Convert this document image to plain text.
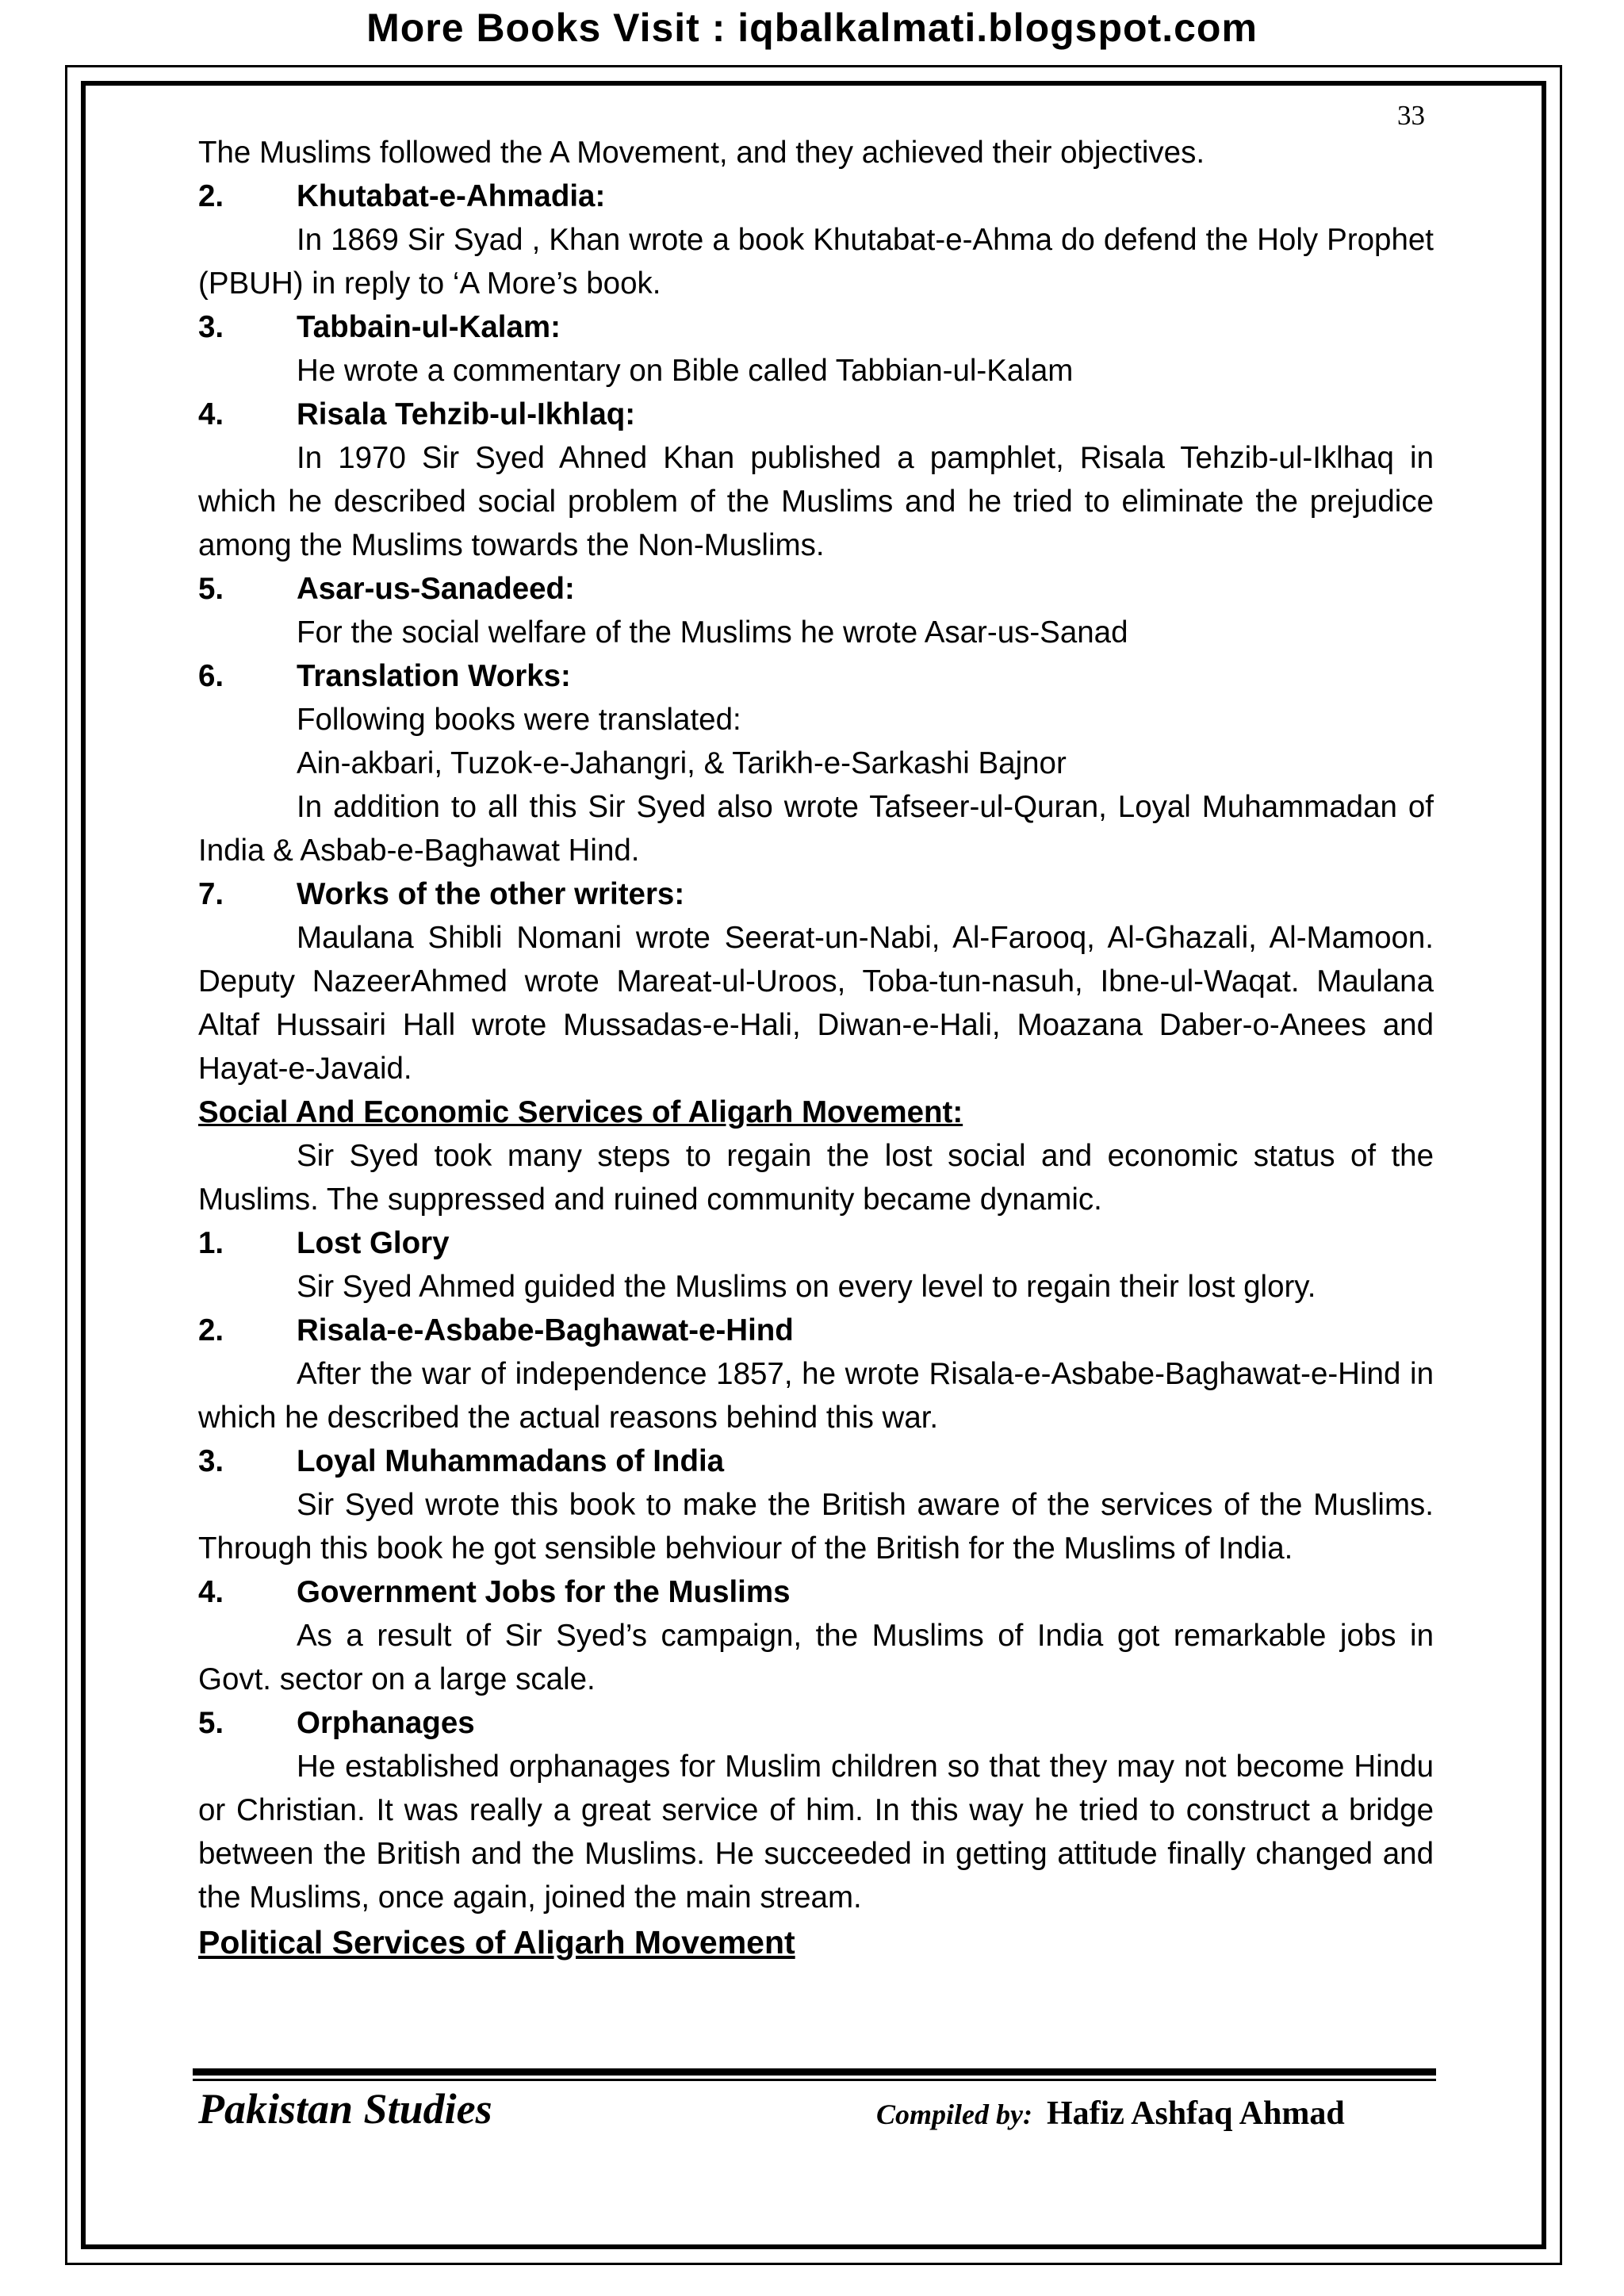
More Books Visit : iqbalkalmati.blogspot.com
33

The Muslims followed the A Movement, and they achieved their objectives.

2.	Khutabat-e-Ahmadia:

In 1869 Sir Syad , Khan wrote a book Khutabat-e-Ahma do defend the Holy Prophet (PBUH) in reply to ‘A More’s book.

3.	Tabbain-ul-Kalam:

He wrote a commentary on Bible called Tabbian-ul-Kalam

4.	Risala Tehzib-ul-Ikhlaq:

In 1970 Sir Syed Ahned Khan published a pamphlet, Risala Tehzib-ul-Iklhaq in which he described social problem of the Muslims and he tried to eliminate the prejudice among the Muslims towards the Non-Muslims.

5.	Asar-us-Sanadeed:

For the social welfare of the Muslims he wrote Asar-us-Sanad

6.	Translation Works:

Following books were translated:

Ain-akbari, Tuzok-e-Jahangri, & Tarikh-e-Sarkashi Bajnor

In addition to all this Sir Syed also wrote Tafseer-ul-Quran, Loyal Muhammadan of India & Asbab-e-Baghawat Hind.

7.	Works of the other writers:

Maulana Shibli Nomani wrote Seerat-un-Nabi, Al-Farooq, Al-Ghazali, Al-Mamoon. Deputy NazeerAhmed wrote Mareat-ul-Uroos, Toba-tun-nasuh, Ibne-ul-Waqat. Maulana Altaf Hussairi Hall wrote Mussadas-e-Hali, Diwan-e-Hali, Moazana Daber-o-Anees and Hayat-e-Javaid.

Social And Economic Services of Aligarh Movement:

Sir Syed took many steps to regain the lost social and economic status of the Muslims. The suppressed and ruined community became dynamic.

1.	Lost Glory

Sir Syed Ahmed guided the Muslims on every level to regain their lost glory.

2.	Risala-e-Asbabe-Baghawat-e-Hind

After the war of independence 1857, he wrote Risala-e-Asbabe-Baghawat-e-Hind in which he described the actual reasons behind this war.

3.	Loyal Muhammadans of India

Sir Syed wrote this book to make the British aware of the services of the Muslims. Through this book he got sensible behviour of the British for the Muslims of India.

4.	Government Jobs for the Muslims

As a result of Sir Syed’s campaign, the Muslims of India got remarkable jobs in Govt. sector on a large scale.

5.	Orphanages

He established orphanages for Muslim children so that they may not become Hindu or Christian. It was really a great service of him. In this way he tried to construct a bridge between the British and the Muslims. He succeeded in getting attitude finally changed and the Muslims, once again, joined the main stream.

Political Services of Aligarh Movement

Pakistan Studies	Compiled by: Hafiz Ashfaq Ahmad
